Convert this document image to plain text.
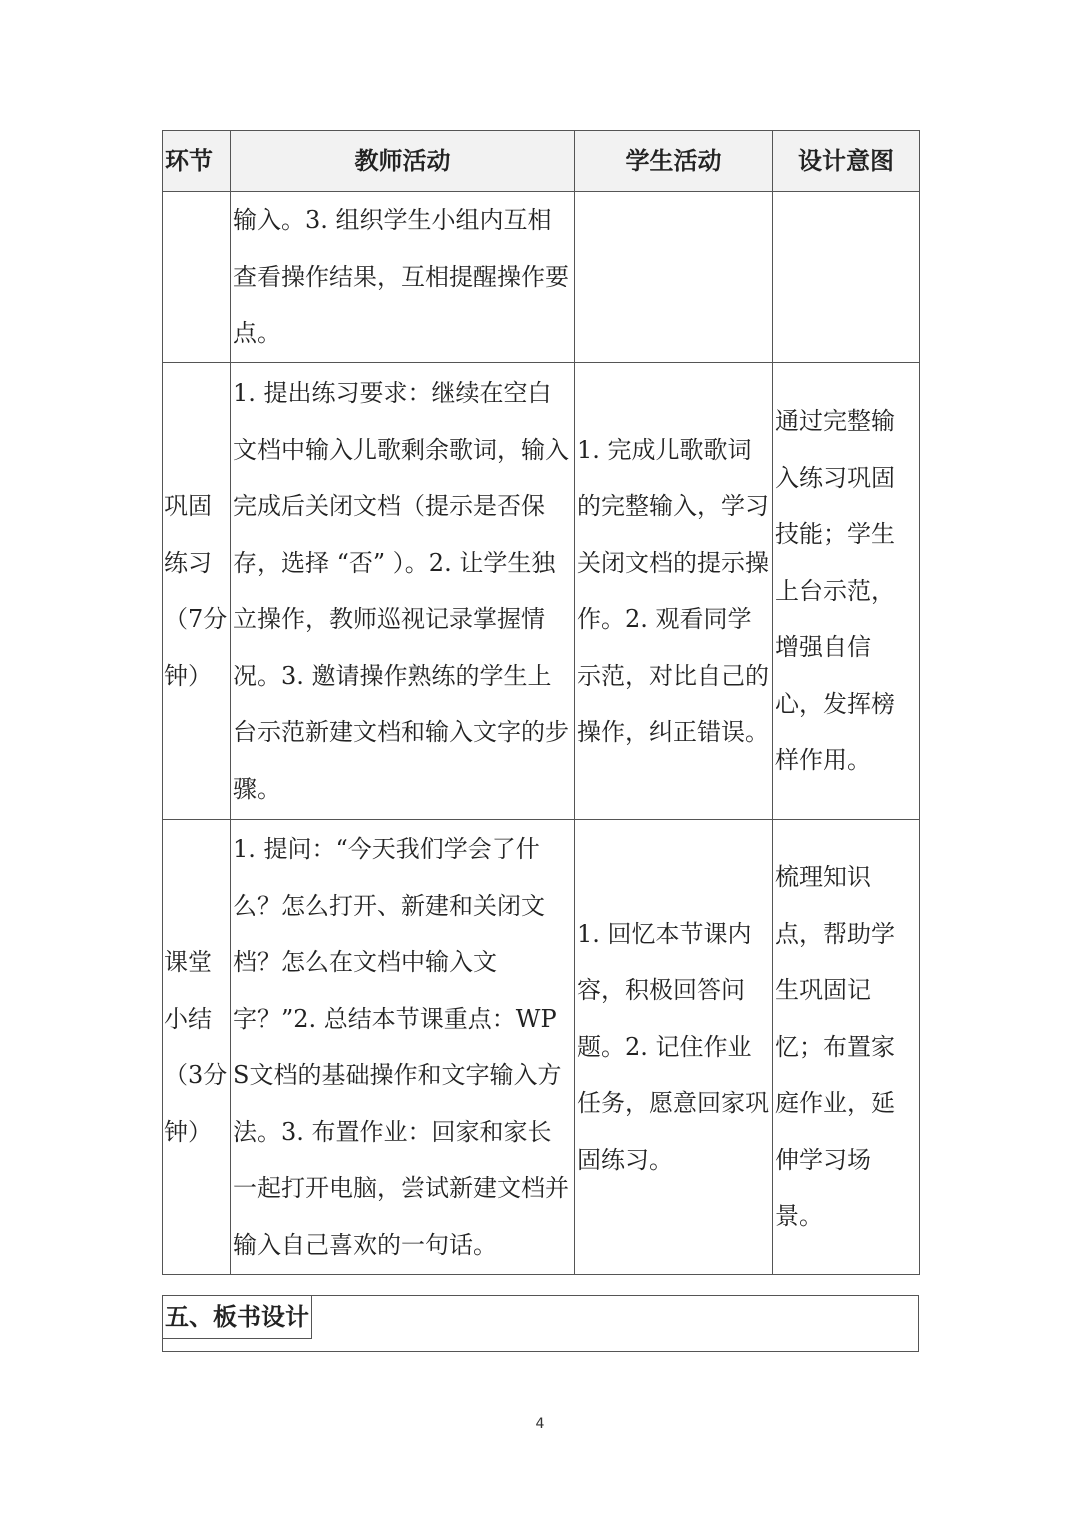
环节	教师活动	学生活动	设计意图
	输入。3. 组织学生小组内互相查看操作结果，互相提醒操作要点。		
巩固练习（7分钟）	1. 提出练习要求：继续在空白文档中输入儿歌剩余歌词，输入完成后关闭文档（提示是否保存，选择 “否” ）。2. 让学生独立操作，教师巡视记录掌握情况。3. 邀请操作熟练的学生上台示范新建文档和输入文字的步骤。	1. 完成儿歌歌词的完整输入，学习关闭文档的提示操作。2. 观看同学示范，对比自己的操作，纠正错误。	通过完整输入练习巩固技能；学生上台示范，增强自信心，发挥榜样作用。
课堂小结（3分钟）	1. 提问：“今天我们学会了什么？怎么打开、新建和关闭文档？怎么在文档中输入文字？”2. 总结本节课重点：WPS文档的基础操作和文字输入方法。3. 布置作业：回家和家长一起打开电脑，尝试新建文档并输入自己喜欢的一句话。	1. 回忆本节课内容，积极回答问题。2. 记住作业任务，愿意回家巩固练习。	梳理知识点，帮助学生巩固记忆；布置家庭作业，延伸学习场景。
五、板书设计
4
